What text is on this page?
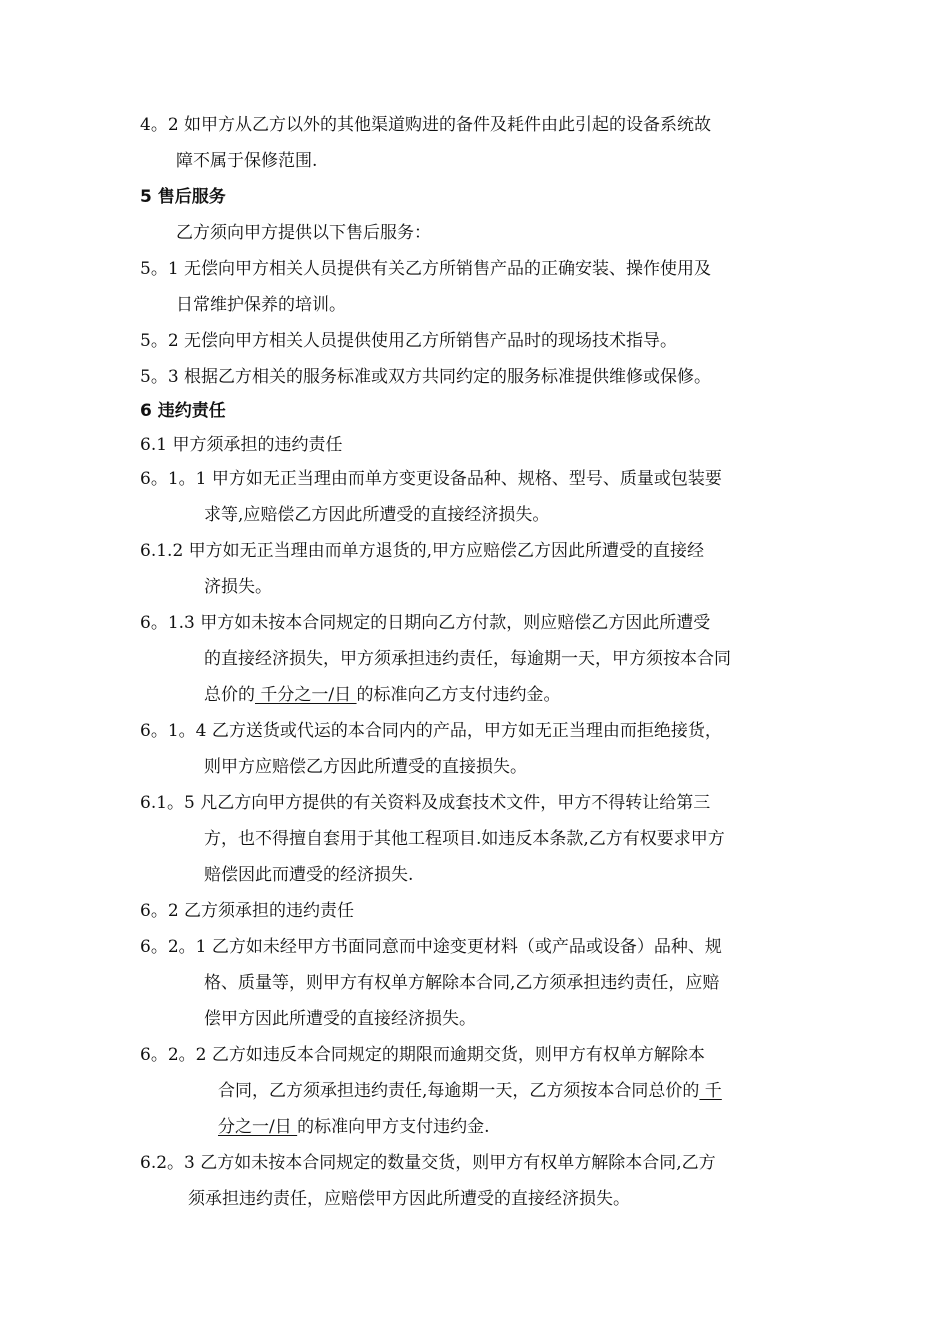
4。2 如甲方从乙方以外的其他渠道购进的备件及耗件由此引起的设备系统故
障不属于保修范围.
5 售后服务
乙方须向甲方提供以下售后服务：
5。1 无偿向甲方相关人员提供有关乙方所销售产品的正确安装、操作使用及
日常维护保养的培训。
5。2 无偿向甲方相关人员提供使用乙方所销售产品时的现场技术指导。
5。3 根据乙方相关的服务标准或双方共同约定的服务标准提供维修或保修。
6 违约责任
6.1 甲方须承担的违约责任
6。1。1 甲方如无正当理由而单方变更设备品种、规格、型号、质量或包装要
求等,应赔偿乙方因此所遭受的直接经济损失。
6.1.2 甲方如无正当理由而单方退货的,甲方应赔偿乙方因此所遭受的直接经
济损失。
6。1.3 甲方如未按本合同规定的日期向乙方付款，则应赔偿乙方因此所遭受
的直接经济损失，甲方须承担违约责任，每逾期一天，甲方须按本合同
总价的 千分之一/日 的标准向乙方支付违约金。
6。1。4 乙方送货或代运的本合同内的产品，甲方如无正当理由而拒绝接货，
则甲方应赔偿乙方因此所遭受的直接损失。
6.1。5 凡乙方向甲方提供的有关资料及成套技术文件，甲方不得转让给第三
方，也不得擅自套用于其他工程项目.如违反本条款,乙方有权要求甲方
赔偿因此而遭受的经济损失.
6。2 乙方须承担的违约责任
6。2。1 乙方如未经甲方书面同意而中途变更材料（或产品或设备）品种、规
格、质量等，则甲方有权单方解除本合同,乙方须承担违约责任，应赔
偿甲方因此所遭受的直接经济损失。
6。2。2 乙方如违反本合同规定的期限而逾期交货，则甲方有权单方解除本
合同，乙方须承担违约责任,每逾期一天，乙方须按本合同总价的 千
分之一/日 的标准向甲方支付违约金.
6.2。3 乙方如未按本合同规定的数量交货，则甲方有权单方解除本合同,乙方
须承担违约责任，应赔偿甲方因此所遭受的直接经济损失。
